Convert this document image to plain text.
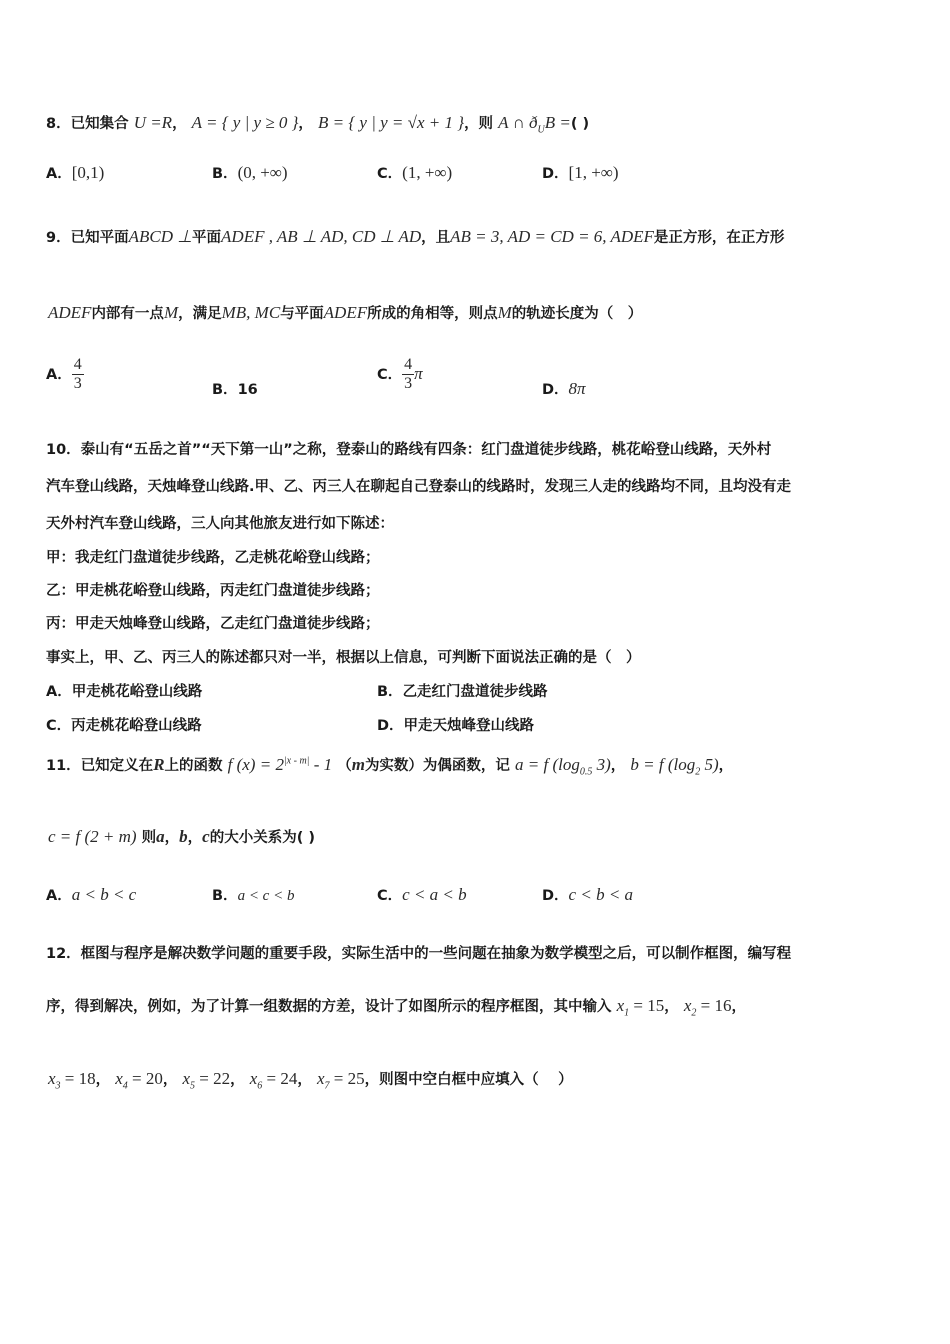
8．已知集合 U =R， A = { y | y ≥ 0 }， B = { y | y = √x + 1 }，则 A ∩ $ð_UB$ =( )
A．[0,1)	B．(0, +∞)	C．(1, +∞)	D．[1, +∞)
9．已知平面ABCD ⊥平面ADEF , AB ⊥ AD, CD ⊥ AD，且AB = 3, AD = CD = 6, ADEF是正方形，在正方形
ADEF内部有一点M，满足MB, MC与平面ADEF所成的角相等，则点M的轨迹长度为（　）
A． $\frac{4}{3}$	B．16
C． $\frac{4}{3}$ π
D．8π
10．泰山有“五岳之首”“天下第一山”之称，登泰山的路线有四条：红门盘道徒步线路，桃花峪登山线路，天外村
汽车登山线路，天烛峰登山线路.甲、乙、丙三人在聊起自己登泰山的线路时，发现三人走的线路均不同，且均没有走
天外村汽车登山线路，三人向其他旅友进行如下陈述：
甲：我走红门盘道徒步线路，乙走桃花峪登山线路；
乙：甲走桃花峪登山线路，丙走红门盘道徒步线路；
丙：甲走天烛峰登山线路，乙走红门盘道徒步线路；
事实上，甲、乙、丙三人的陈述都只对一半，根据以上信息，可判断下面说法正确的是（　）
A．甲走桃花峪登山线路	B．乙走红门盘道徒步线路
C．丙走桃花峪登山线路	D．甲走天烛峰登山线路
11．已知定义在R上的函数 f $(x) = 2^{|x - m|} - 1$ （m为实数）为偶函数，记 a = f ($\log_{0.5}$ 3)， b = f ($\log_2$ 5)，
c = f (2 + m) 则a，b，c的大小关系为( )
A．a < b < c	B．a < c < b	C．c < a < b	D．c < b < a
12．框图与程序是解决数学问题的重要手段，实际生活中的一些问题在抽象为数学模型之后，可以制作框图，编写程
序，得到解决，例如，为了计算一组数据的方差，设计了如图所示的程序框图，其中输入 $x_1 = 15$， $x_2 = 16$，
$x_3 = 18$， $x_4 = 20$， $x_5 = 22$， $x_6 = 24$， $x_7 = 25$，则图中空白框中应填入（　 ）
